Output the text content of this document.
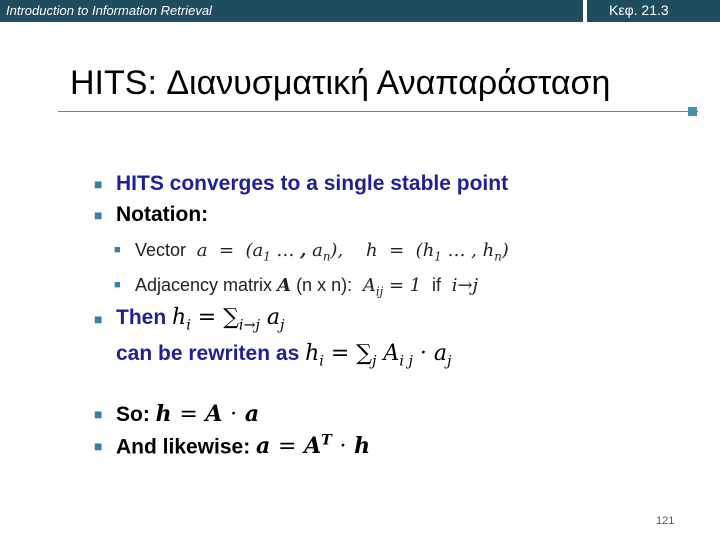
Introduction to Information Retrieval	Κεφ. 21.3
HITS: Διανυσματική Αναπαράσταση
■ HITS converges to a single stable point
■ Notation:
■ Vector  $a = (a_1$ … , $a_n$),    $h = (h_1$ … , $h_n$)
■ Adjacency matrix A (n x n):  $A_{ij} = 1$ if  i→j
■ Then $h_i = \sum_{i\to j}$ $a_j$
can be rewriten as $h_i = \sum_j$ $A_{i j} \cdot a_j$
■ So: h = A · a
■ And likewise: $a = A^T \cdot h$
121
